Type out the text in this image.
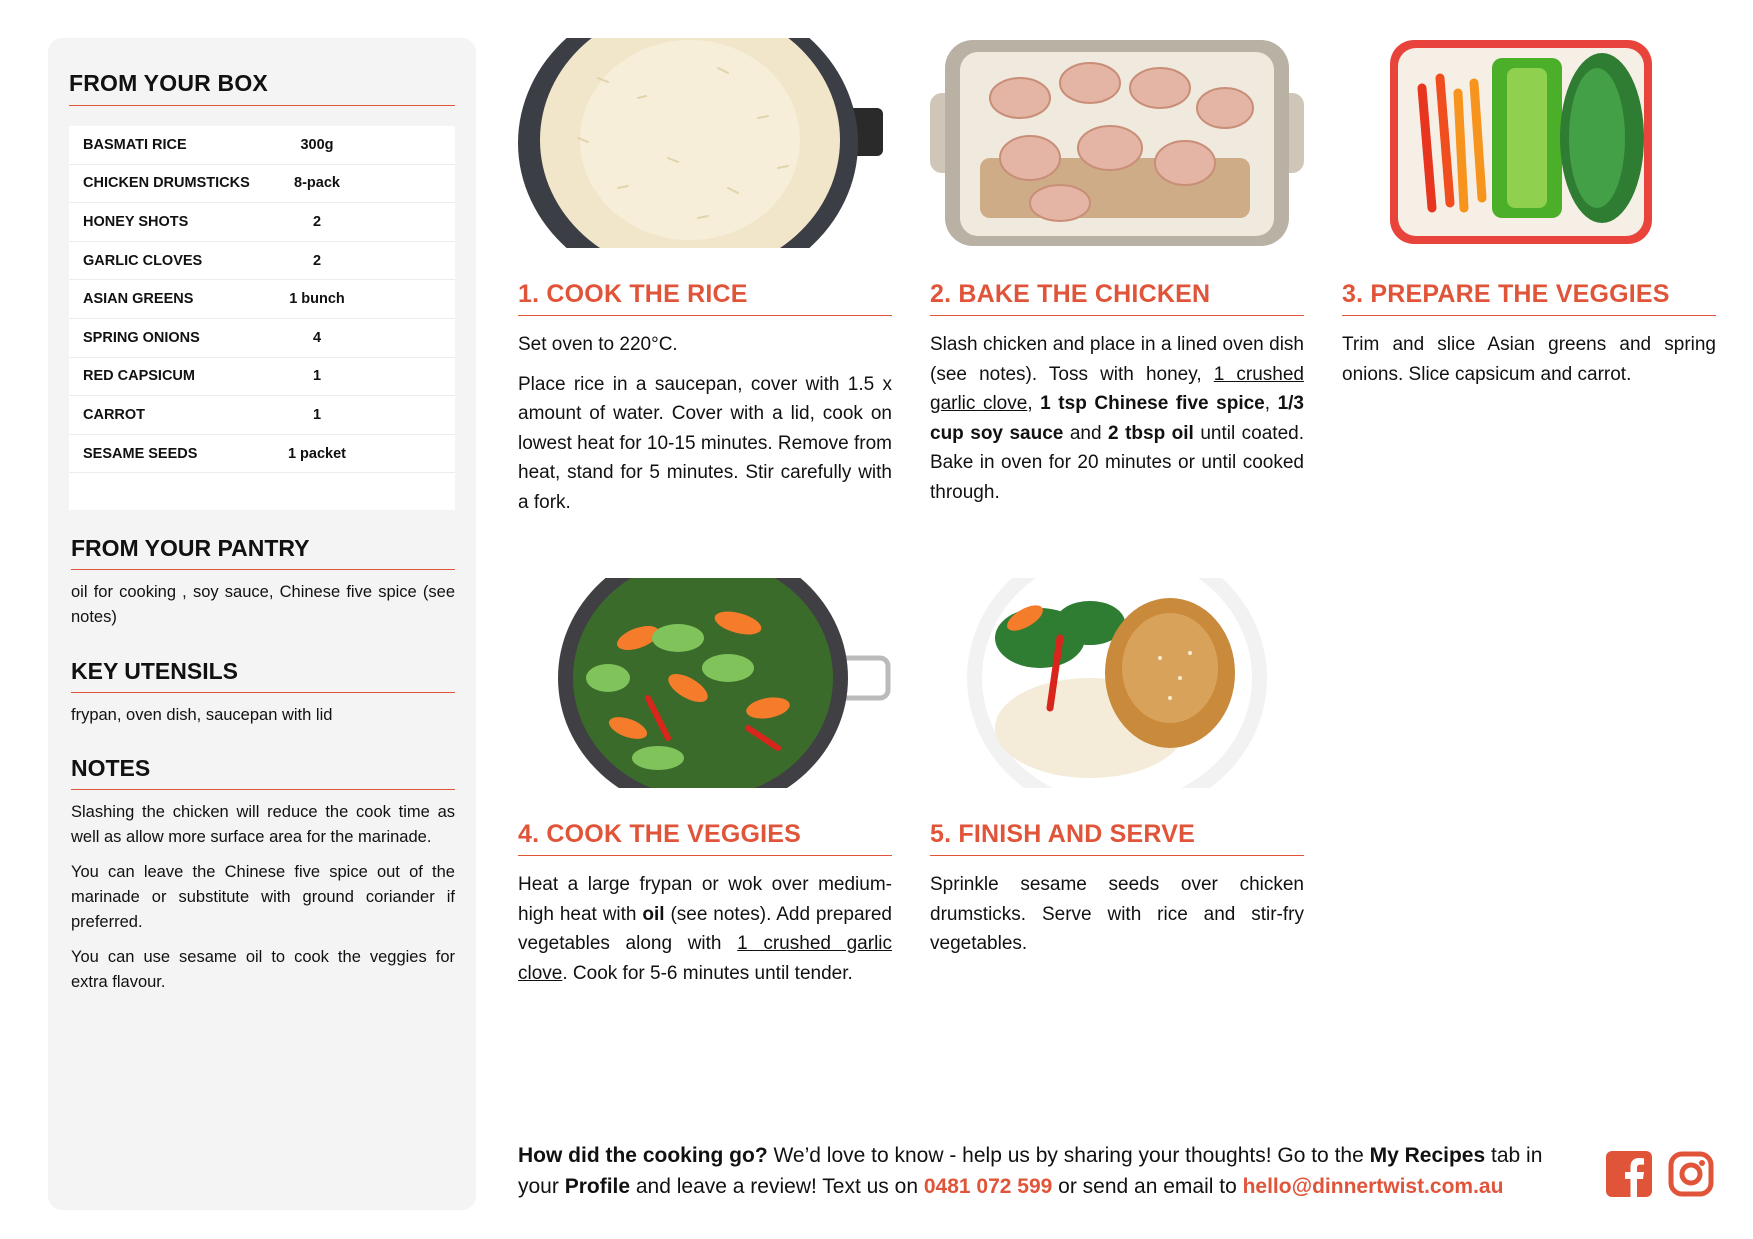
FROM YOUR BOX
BASMATI RICE	300g
CHICKEN DRUMSTICKS	8-pack
HONEY SHOTS	2
GARLIC CLOVES	2
ASIAN GREENS	1 bunch
SPRING ONIONS	4
RED CAPSICUM	1
CARROT	1
SESAME SEEDS	1 packet
FROM YOUR PANTRY

oil for cooking , soy sauce, Chinese five spice (see notes)

KEY UTENSILS

frypan, oven dish, saucepan with lid

NOTES

Slashing the chicken will reduce the cook time as well as allow more surface area for the marinade.

You can leave the Chinese five spice out of the marinade or substitute with ground coriander if preferred.

You can use sesame oil to cook the veggies for extra flavour.

1. COOK THE RICE

Set oven to 220°C.

Place rice in a saucepan, cover with 1.5 x amount of water. Cover with a lid, cook on lowest heat for 10-15 minutes. Remove from heat, stand for 5 minutes. Stir carefully with a fork.

2. BAKE THE CHICKEN

Slash chicken and place in a lined oven dish (see notes). Toss with honey, 1 crushed garlic clove, 1 tsp Chinese five spice, 1/3 cup soy sauce and 2 tbsp oil until coated. Bake in oven for 20 minutes or until cooked through.

3. PREPARE THE VEGGIES

Trim and slice Asian greens and spring onions. Slice capsicum and carrot.

4. COOK THE VEGGIES

Heat a large frypan or wok over medium-high heat with oil (see notes). Add prepared vegetables along with 1 crushed garlic clove. Cook for 5-6 minutes until tender.

5. FINISH AND SERVE

Sprinkle sesame seeds over chicken drumsticks. Serve with rice and stir-fry vegetables.

How did the cooking go? We’d love to know - help us by sharing your thoughts! Go to the My Recipes tab in your Profile and leave a review! Text us on 0481 072 599 or send an email to hello@dinnertwist.com.au
